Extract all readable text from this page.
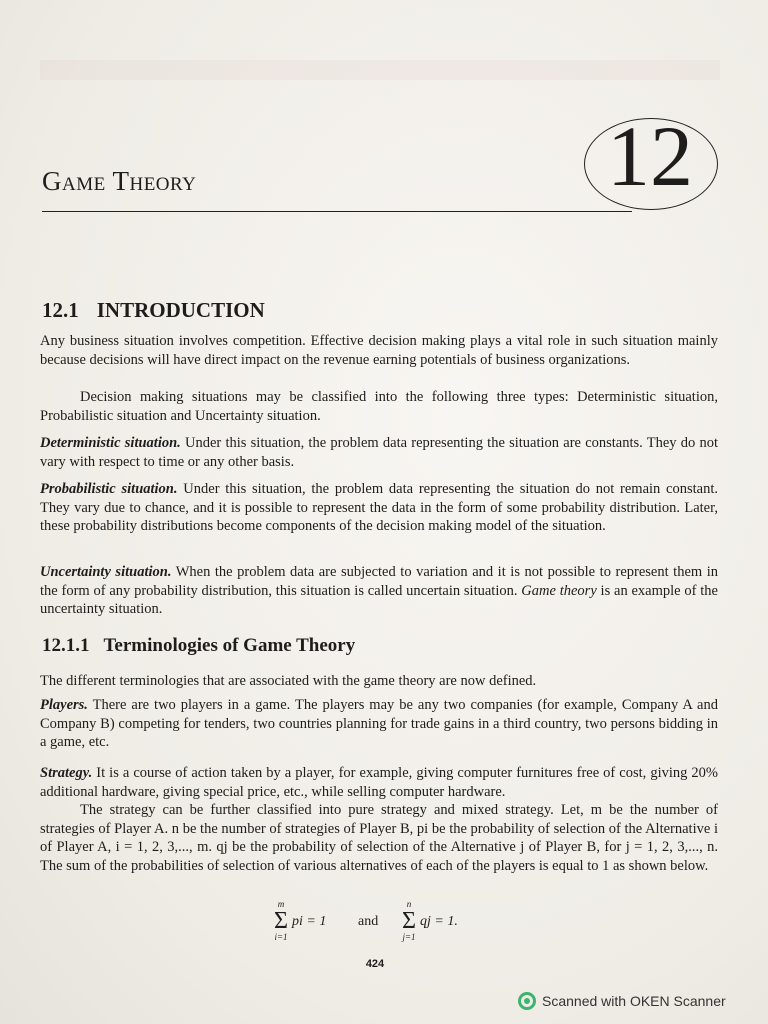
Game Theory	12
12.1 INTRODUCTION

Any business situation involves competition. Effective decision making plays a vital role in such situation mainly because decisions will have direct impact on the revenue earning potentials of business organizations.

Decision making situations may be classified into the following three types: Deterministic situation, Probabilistic situation and Uncertainty situation.

Deterministic situation. Under this situation, the problem data representing the situation are constants. They do not vary with respect to time or any other basis.

Probabilistic situation. Under this situation, the problem data representing the situation do not remain constant. They vary due to chance, and it is possible to represent the data in the form of some probability distribution. Later, these probability distributions become components of the decision making model of the situation.

Uncertainty situation. When the problem data are subjected to variation and it is not possible to represent them in the form of any probability distribution, this situation is called uncertain situation. Game theory is an example of the uncertainty situation.

12.1.1 Terminologies of Game Theory

The different terminologies that are associated with the game theory are now defined.

Players. There are two players in a game. The players may be any two companies (for example, Company A and Company B) competing for tenders, two countries planning for trade gains in a third country, two persons bidding in a game, etc.

Strategy. It is a course of action taken by a player, for example, giving computer furnitures free of cost, giving 20% additional hardware, giving special price, etc., while selling computer hardware.

The strategy can be further classified into pure strategy and mixed strategy. Let, m be the number of strategies of Player A. n be the number of strategies of Player B, pi be the probability of selection of the Alternative i of Player A, i = 1, 2, 3,..., m. qj be the probability of selection of the Alternative j of Player B, for j = 1, 2, 3,..., n. The sum of the probabilities of selection of various alternatives of each of the players is equal to 1 as shown below.

m
Σ
i=1
pi = 1 and
n
Σ
j=1
qj = 1.
424
Scanned with OKEN Scanner
